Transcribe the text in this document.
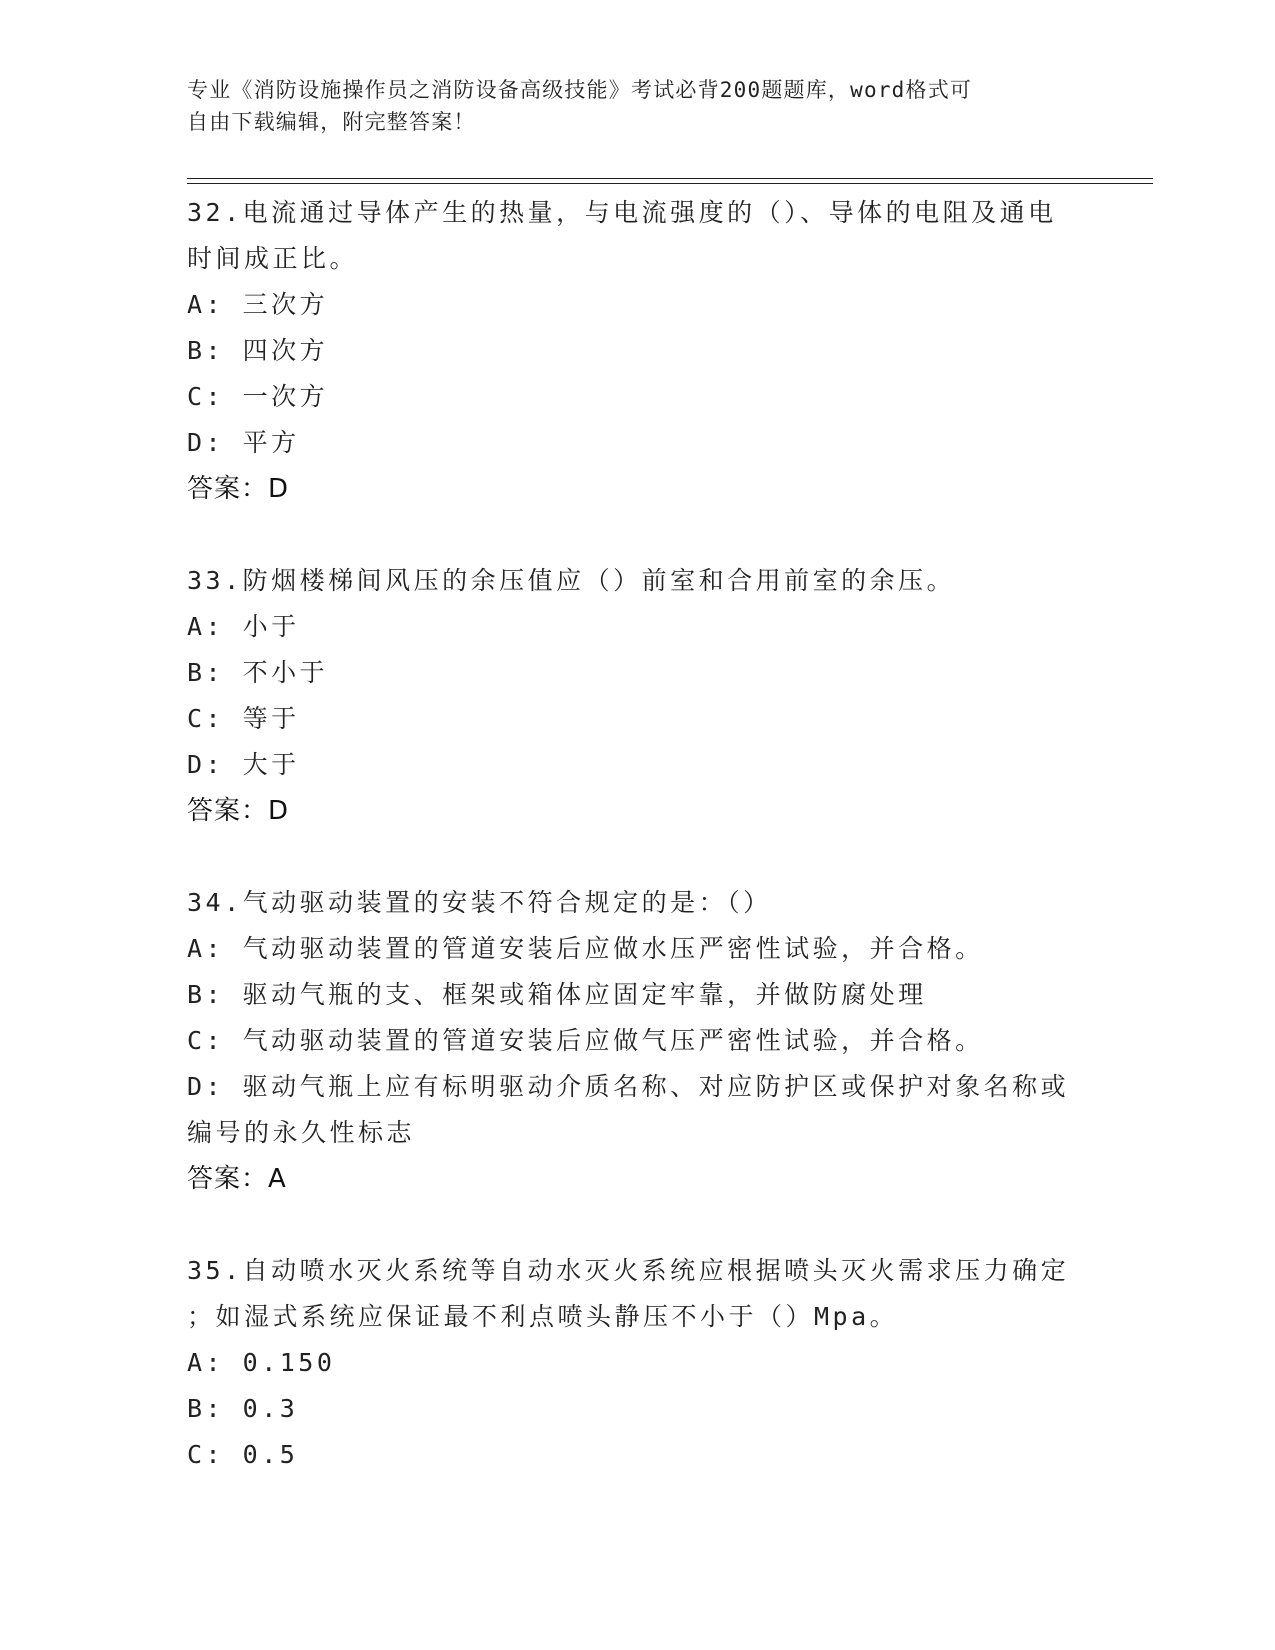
专业《消防设施操作员之消防设备高级技能》考试必背200题题库，word格式可
自由下载编辑，附完整答案！
32.电流通过导体产生的热量，与电流强度的（）、导体的电阻及通电
时间成正比。
A: 三次方
B: 四次方
C: 一次方
D: 平方
答案：D
33.防烟楼梯间风压的余压值应（）前室和合用前室的余压。
A: 小于
B: 不小于
C: 等于
D: 大于
答案：D
34.气动驱动装置的安装不符合规定的是：（）
A: 气动驱动装置的管道安装后应做水压严密性试验，并合格。
B: 驱动气瓶的支、框架或箱体应固定牢靠，并做防腐处理
C: 气动驱动装置的管道安装后应做气压严密性试验，并合格。
D: 驱动气瓶上应有标明驱动介质名称、对应防护区或保护对象名称或
编号的永久性标志
答案：A
35.自动喷水灭火系统等自动水灭火系统应根据喷头灭火需求压力确定
；如湿式系统应保证最不利点喷头静压不小于（）Mpa。
A: 0.150
B: 0.3
C: 0.5
